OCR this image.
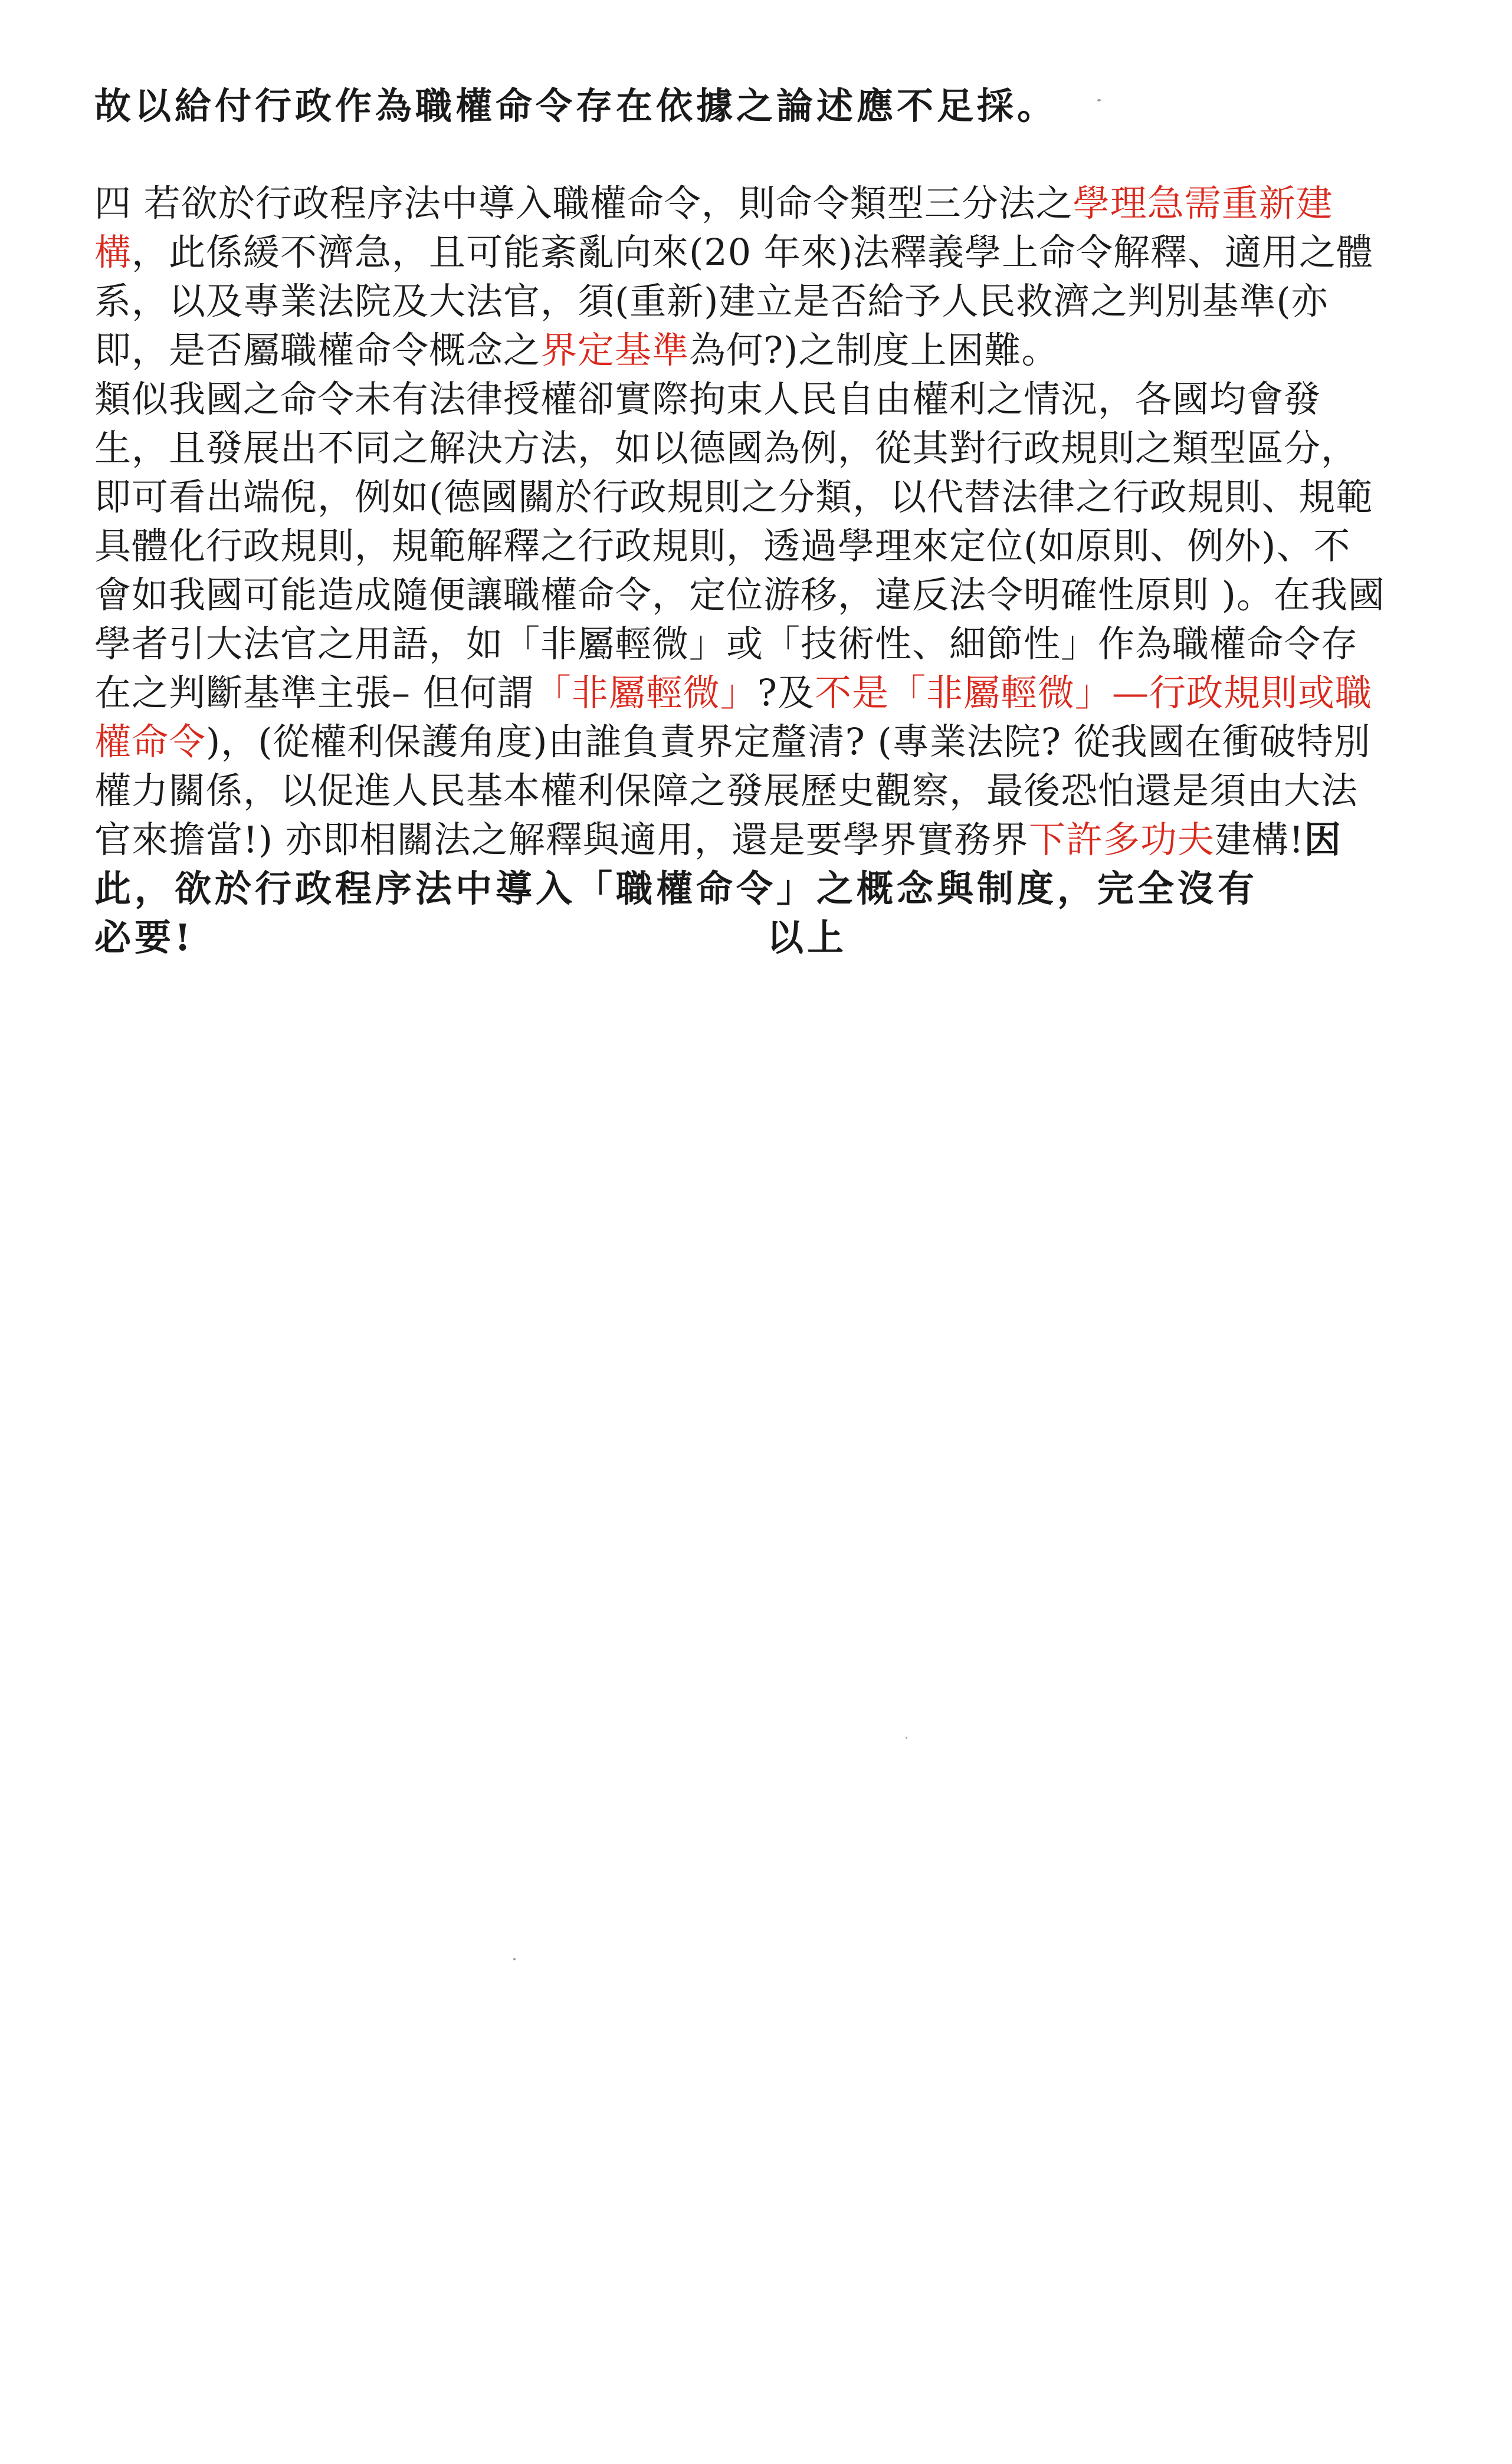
故以給付行政作為職權命令存在依據之論述應不足採。
四 若欲於行政程序法中導入職權命令，則命令類型三分法之學理急需重新建
構，此係緩不濟急，且可能紊亂向來(20 年來)法釋義學上命令解釋、適用之體
系，以及專業法院及大法官，須(重新)建立是否給予人民救濟之判別基準(亦
即，是否屬職權命令概念之界定基準為何?)之制度上困難。
類似我國之命令未有法律授權卻實際拘束人民自由權利之情況，各國均會發
生，且發展出不同之解決方法，如以德國為例，從其對行政規則之類型區分，
即可看出端倪，例如(德國關於行政規則之分類，以代替法律之行政規則、規範
具體化行政規則，規範解釋之行政規則，透過學理來定位(如原則、例外)、不
會如我國可能造成隨便讓職權命令，定位游移，違反法令明確性原則 )。在我國
學者引大法官之用語，如「非屬輕微」或「技術性、細節性」作為職權命令存
在之判斷基準主張– 但何謂「非屬輕微」?及不是「非屬輕微」—行政規則或職
權命令)，(從權利保護角度)由誰負責界定釐清? (專業法院? 從我國在衝破特別
權力關係，以促進人民基本權利保障之發展歷史觀察，最後恐怕還是須由大法
官來擔當!) 亦即相關法之解釋與適用，還是要學界實務界下許多功夫建構!因
此，欲於行政程序法中導入「職權命令」之概念與制度，完全沒有
必要!	以上
